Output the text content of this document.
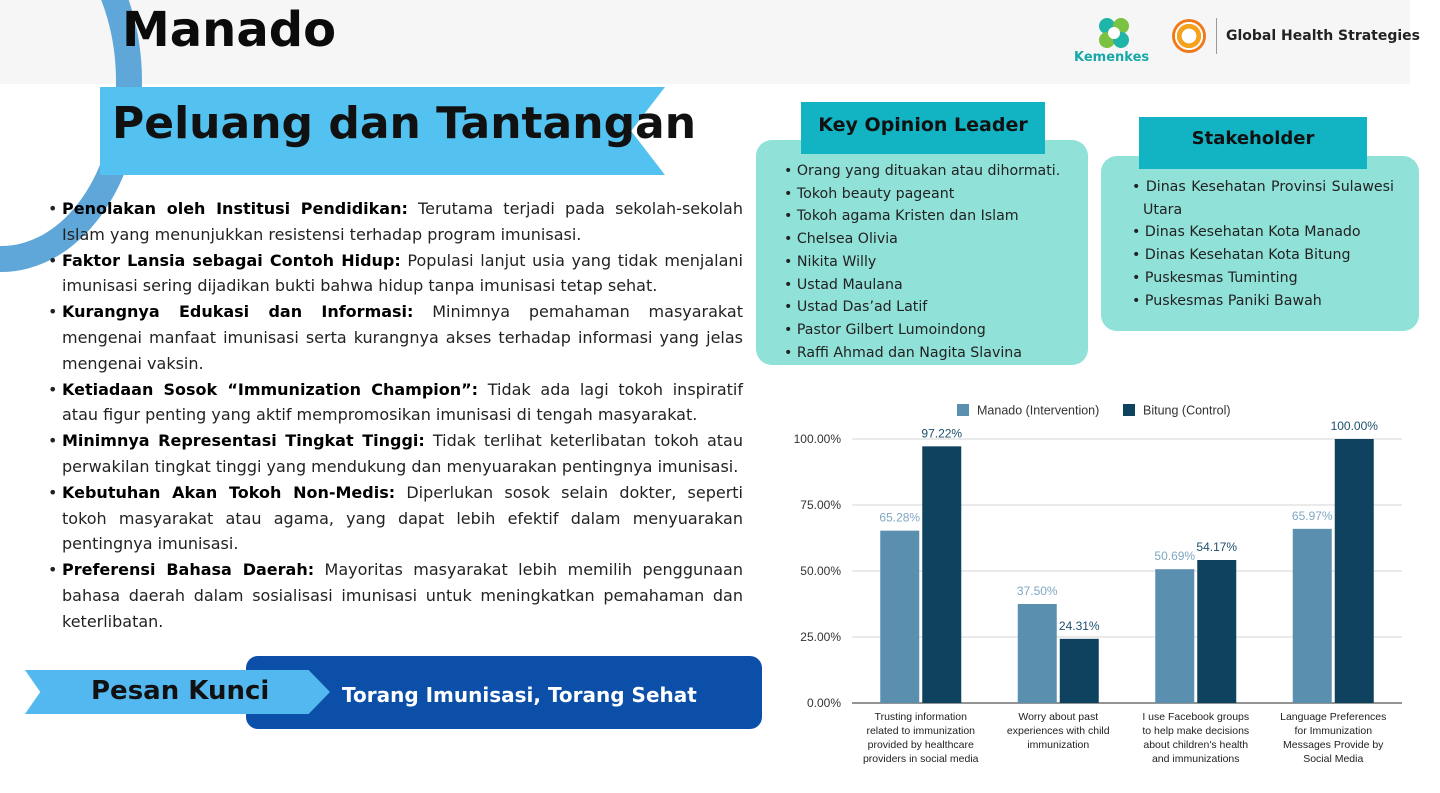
Manado	Kemenkes
Global Health Strategies
Peluang dan Tantangan
• Penolakan oleh Institusi Pendidikan: Terutama terjadi pada sekolah-sekolah Islam yang menunjukkan resistensi terhadap program imunisasi.
• Faktor Lansia sebagai Contoh Hidup: Populasi lanjut usia yang tidak menjalani imunisasi sering dijadikan bukti bahwa hidup tanpa imunisasi tetap sehat.
• Kurangnya Edukasi dan Informasi: Minimnya pemahaman masyarakat mengenai manfaat imunisasi serta kurangnya akses terhadap informasi yang jelas mengenai vaksin.
• Ketiadaan Sosok “Immunization Champion”: Tidak ada lagi tokoh inspiratif atau figur penting yang aktif mempromosikan imunisasi di tengah masyarakat.
• Minimnya Representasi Tingkat Tinggi: Tidak terlihat keterlibatan tokoh atau perwakilan tingkat tinggi yang mendukung dan menyuarakan pentingnya imunisasi.
• Kebutuhan Akan Tokoh Non-Medis: Diperlukan sosok selain dokter, seperti tokoh masyarakat atau agama, yang dapat lebih efektif dalam menyuarakan pentingnya imunisasi.
• Preferensi Bahasa Daerah: Mayoritas masyarakat lebih memilih penggunaan bahasa daerah dalam sosialisasi imunisasi untuk meningkatkan pemahaman dan keterlibatan.
Pesan Kunci	Torang Imunisasi, Torang Sehat
Key Opinion Leader
• Orang yang dituakan atau dihormati.
• Tokoh beauty pageant
• Tokoh agama Kristen dan Islam
• Chelsea Olivia
• Nikita Willy
• Ustad Maulana
• Ustad Das’ad Latif
• Pastor Gilbert Lumoindong
• Raffi Ahmad dan Nagita Slavina
Stakeholder
• Dinas Kesehatan Provinsi Sulawesi Utara
• Dinas Kesehatan Kota Manado
• Dinas Kesehatan Kota Bitung
• Puskesmas Tuminting
• Puskesmas Paniki Bawah
0.00%
25.00%
50.00%
75.00%
100.00%
65.28%
97.22%
Trusting information
related to immunization
provided by healthcare
providers in social media
37.50%
24.31%
Worry about past
experiences with child
immunization
50.69%
54.17%
I use Facebook groups
to help make decisions
about children's health
and immunizations
65.97%
100.00%
Language Preferences
for Immunization
Messages Provide by
Social Media
Manado (Intervention)	Bitung (Control)
